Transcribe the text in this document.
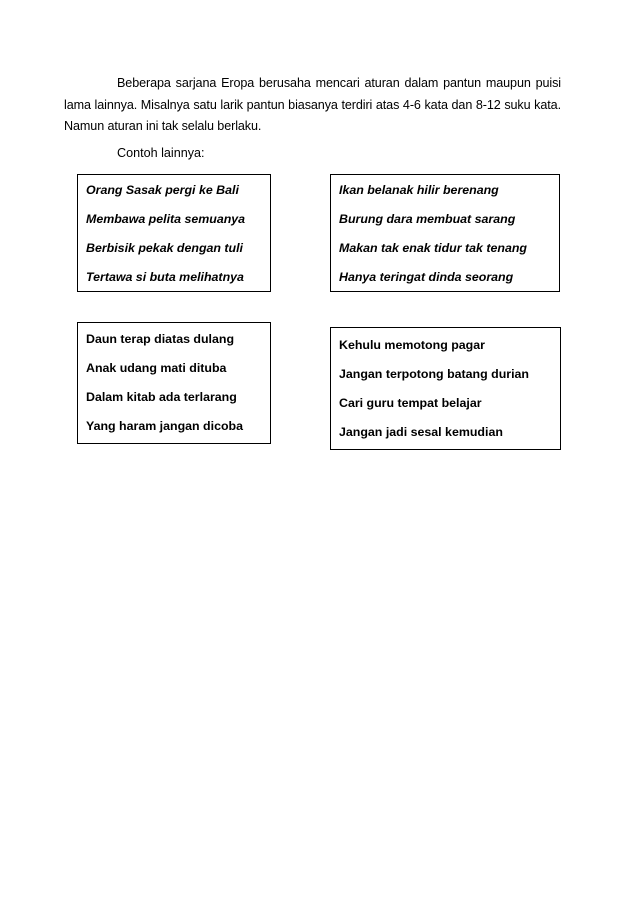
Beberapa sarjana Eropa berusaha mencari aturan dalam pantun maupun puisi lama lainnya. Misalnya satu larik pantun biasanya terdiri atas 4-6 kata dan 8-12 suku kata. Namun aturan ini tak selalu berlaku.
Contoh lainnya:
Orang Sasak pergi ke Bali
Membawa pelita semuanya
Berbisik pekak dengan tuli
Tertawa si buta melihatnya
Ikan belanak hilir berenang
Burung dara membuat sarang
Makan tak enak tidur tak tenang
Hanya teringat dinda seorang
Daun terap diatas dulang
Anak udang mati dituba
Dalam kitab ada terlarang
Yang haram jangan dicoba
Kehulu memotong pagar
Jangan terpotong batang durian
Cari guru tempat belajar
Jangan jadi sesal kemudian
